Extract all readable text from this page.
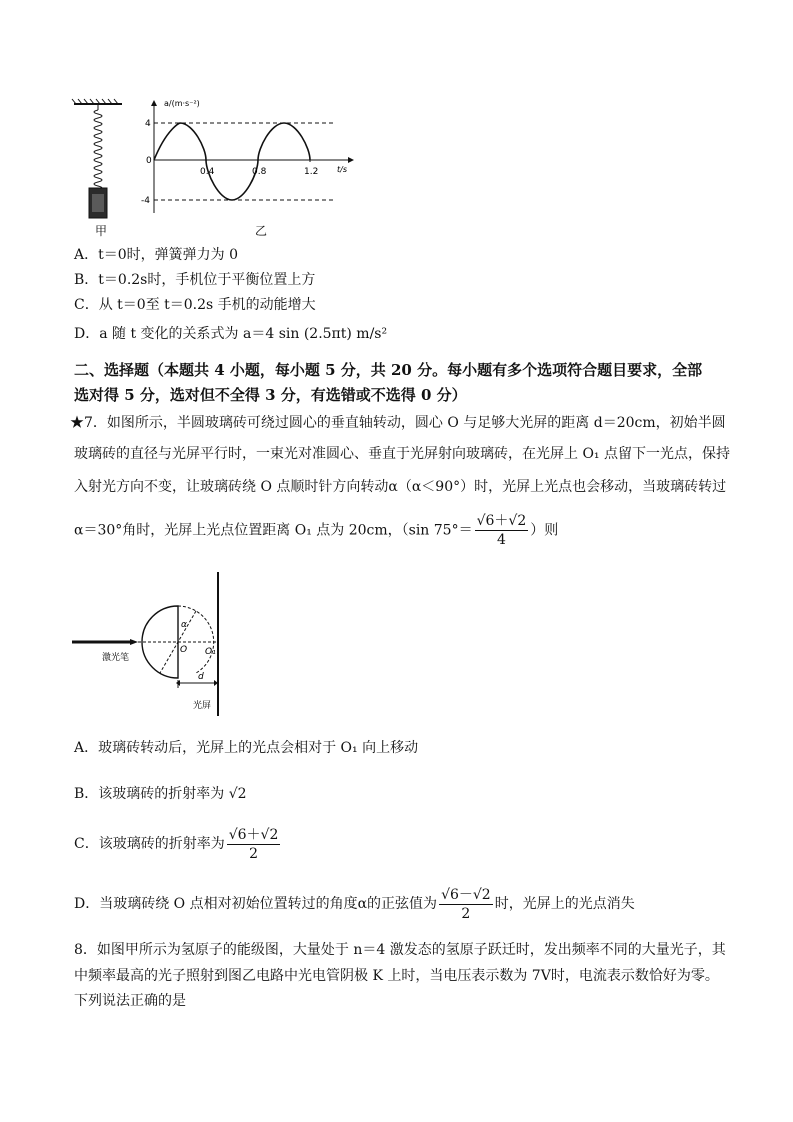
甲
a/(m·s⁻²)
4
0
-4
0.4	0.8	1.2 t/s
乙
A．t＝0时，弹簧弹力为 0
B．t＝0.2s时，手机位于平衡位置上方
C．从 t＝0至 t＝0.2s 手机的动能增大
D．a 随 t 变化的关系式为 a＝4 sin (2.5πt) m/s²
二、选择题（本题共 4 小题，每小题 5 分，共 20 分。每小题有多个选项符合题目要求，全部
选对得 5 分，选对但不全得 3 分，有选错或不选得 0 分）
★7．如图所示，半圆玻璃砖可绕过圆心的垂直轴转动，圆心 O 与足够大光屏的距离 d＝20cm，初始半圆
玻璃砖的直径与光屏平行时，一束光对准圆心、垂直于光屏射向玻璃砖，在光屏上 O₁ 点留下一光点，保持
入射光方向不变，让玻璃砖绕 O 点顺时针方向转动α（α＜90°）时，光屏上光点也会移动，当玻璃砖转过
α＝30°角时，光屏上光点位置距离 O₁ 点为 20cm，（sin $75^\circ= \frac{√6+√2}{4}$ ）则
激光笔
光屏
O O₁
α
d
A．玻璃砖转动后，光屏上的光点会相对于 O₁ 向上移动
B．该玻璃砖的折射率为 √2
C．该玻璃砖的折射率为 $\frac{√6+√2}{2}$
D．当玻璃砖绕 O 点相对初始位置转过的角度α的正弦值为 $\frac{√6-√2}{2}$ 时，光屏上的光点消失
8．如图甲所示为氢原子的能级图，大量处于 n＝4 激发态的氢原子跃迁时，发出频率不同的大量光子，其
中频率最高的光子照射到图乙电路中光电管阴极 K 上时，当电压表示数为 7V时，电流表示数恰好为零。
下列说法正确的是
